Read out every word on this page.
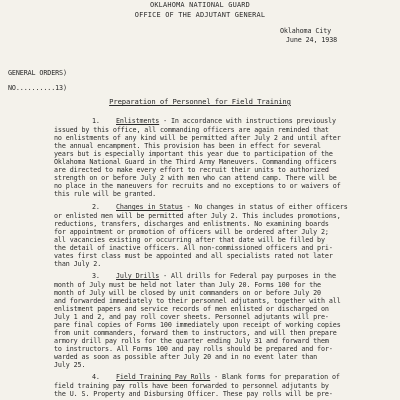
OKLAHOMA NATIONAL GUARD
OFFICE OF THE ADJUTANT GENERAL
Oklahoma City
June 24, 1938
GENERAL ORDERS)
NO..........13)
Preparation of Personnel for Field Training
1. Enlistments - In accordance with instructions previously
issued by this office, all commanding officers are again reminded that
no enlistments of any kind will be permitted after July 2 and until after
the annual encampment. This provision has been in effect for several
years but is especially important this year due to participation of the
Oklahoma National Guard in the Third Army Maneuvers. Commanding officers
are directed to make every effort to recruit their units to authorized
strength on or before July 2 with men who can attend camp. There will be
no place in the maneuvers for recruits and no exceptions to or waivers of
this rule will be granted.
2. Changes in Status - No changes in status of either officers
or enlisted men will be permitted after July 2. This includes promotions,
reductions, transfers, discharges and enlistments. No examining boards
for appointment or promotion of officers will be ordered after July 2;
all vacancies existing or occurring after that date will be filled by
the detail of inactive officers. All non-commissioned officers and pri-
vates first class must be appointed and all specialists rated not later
than July 2.
3. July Drills - All drills for Federal pay purposes in the
month of July must be held not later than July 20. Forms 100 for the
month of July will be closed by unit commanders on or before July 20
and forwarded immediately to their personnel adjutants, together with all
enlistment papers and service records of men enlisted or discharged on
July 1 and 2, and pay roll cover sheets. Personnel adjutants will pre-
pare final copies of Forms 100 immediately upon receipt of working copies
from unit commanders, forward them to instructors, and will then prepare
armory drill pay rolls for the quarter ending July 31 and forward them
to instructors. All Forms 100 and pay rolls should be prepared and for-
warded as soon as possible after July 20 and in no event later than
July 25.
4. Field Training Pay Rolls - Blank forms for preparation of
field training pay rolls have been forwarded to personnel adjutants by
the U. S. Property and Disbursing Officer. These pay rolls will be pre-
